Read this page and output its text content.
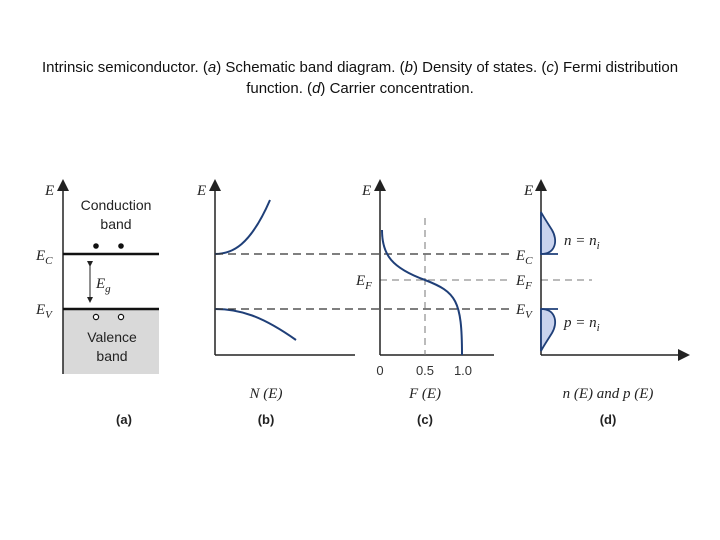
Intrinsic semiconductor. (a) Schematic band diagram. (b) Density of states. (c) Fermi distribution function. (d) Carrier concentration.
E
Conduction
band
$E_g$
$E_C$
$E_V$
Valence
band
(a)
E
N (E)
(b)
E
$E_F$
0 0.5 1.0
F (E)
(c)
E
$E_C$
$E_F$
$E_V$
$n = n_i$
$p = n_i$
n (E) and p (E)
(d)
